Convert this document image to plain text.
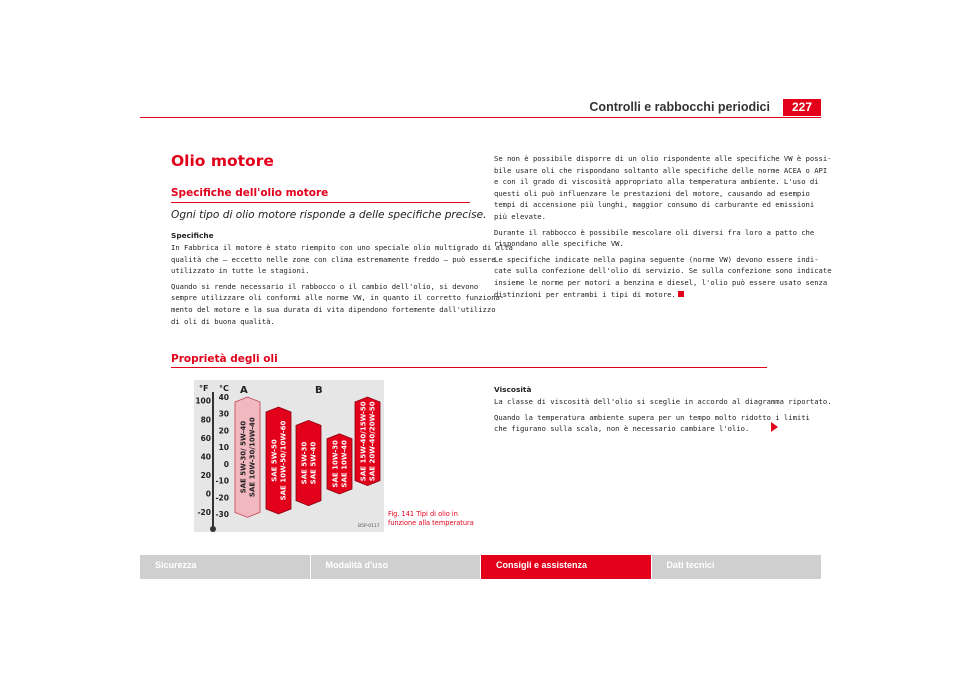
Controlli e rabbocchi periodici	227
Olio motore
Specifiche dell'olio motore
Ogni tipo di olio motore risponde a delle specifiche precise.
Specifiche
In Fabbrica il motore è stato riempito con uno speciale olio multigrado di alta
qualità che – eccetto nelle zone con clima estremamente freddo – può essere
utilizzato in tutte le stagioni.
Quando si rende necessario il rabbocco o il cambio dell'olio, si devono
sempre utilizzare oli conformi alle norme VW, in quanto il corretto funziona-
mento del motore e la sua durata di vita dipendono fortemente dall'utilizzo
di oli di buona qualità.
Se non è possibile disporre di un olio rispondente alle specifiche VW è possi-
bile usare oli che rispondano soltanto alle specifiche delle norme ACEA o API
e con il grado di viscosità appropriato alla temperatura ambiente. L'uso di
questi oli può influenzare le prestazioni del motore, causando ad esempio
tempi di accensione più lunghi, maggior consumo di carburante ed emissioni
più elevate.
Durante il rabbocco è possibile mescolare oli diversi fra loro a patto che
rispondano alle specifiche VW.
Le specifiche indicate nella pagina seguente (norme VW) devono essere indi-
cate sulla confezione dell'olio di servizio. Se sulla confezione sono indicate
insieme le norme per motori a benzina e diesel, l'olio può essere usato senza
distinzioni per entrambi i tipi di motore.
Proprietà degli oli
°F °C A	B
100
80
60
40
20
0
-20
40
30
20
10
0
-10
-20
-30
SAE 5W-30/ 5W-40 SAE 10W-30/10W-40 SAE 5W-50 SAE 10W-50/10W-60 SAE 5W-30 SAE 5W-40 SAE 10W-30 SAE 10W-40 SAE 15W-40/15W-50 SAE 20W-40/20W-50
B5P-0117
Fig. 141 Tipi di olio in
funzione alla temperatura
Viscosità
La classe di viscosità dell'olio si sceglie in accordo al diagramma riportato.
Quando la temperatura ambiente supera per un tempo molto ridotto i limiti
che figurano sulla scala, non è necessario cambiare l'olio.
Sicurezza	Modalità d'uso	Consigli e assistenza	Dati tecnici
